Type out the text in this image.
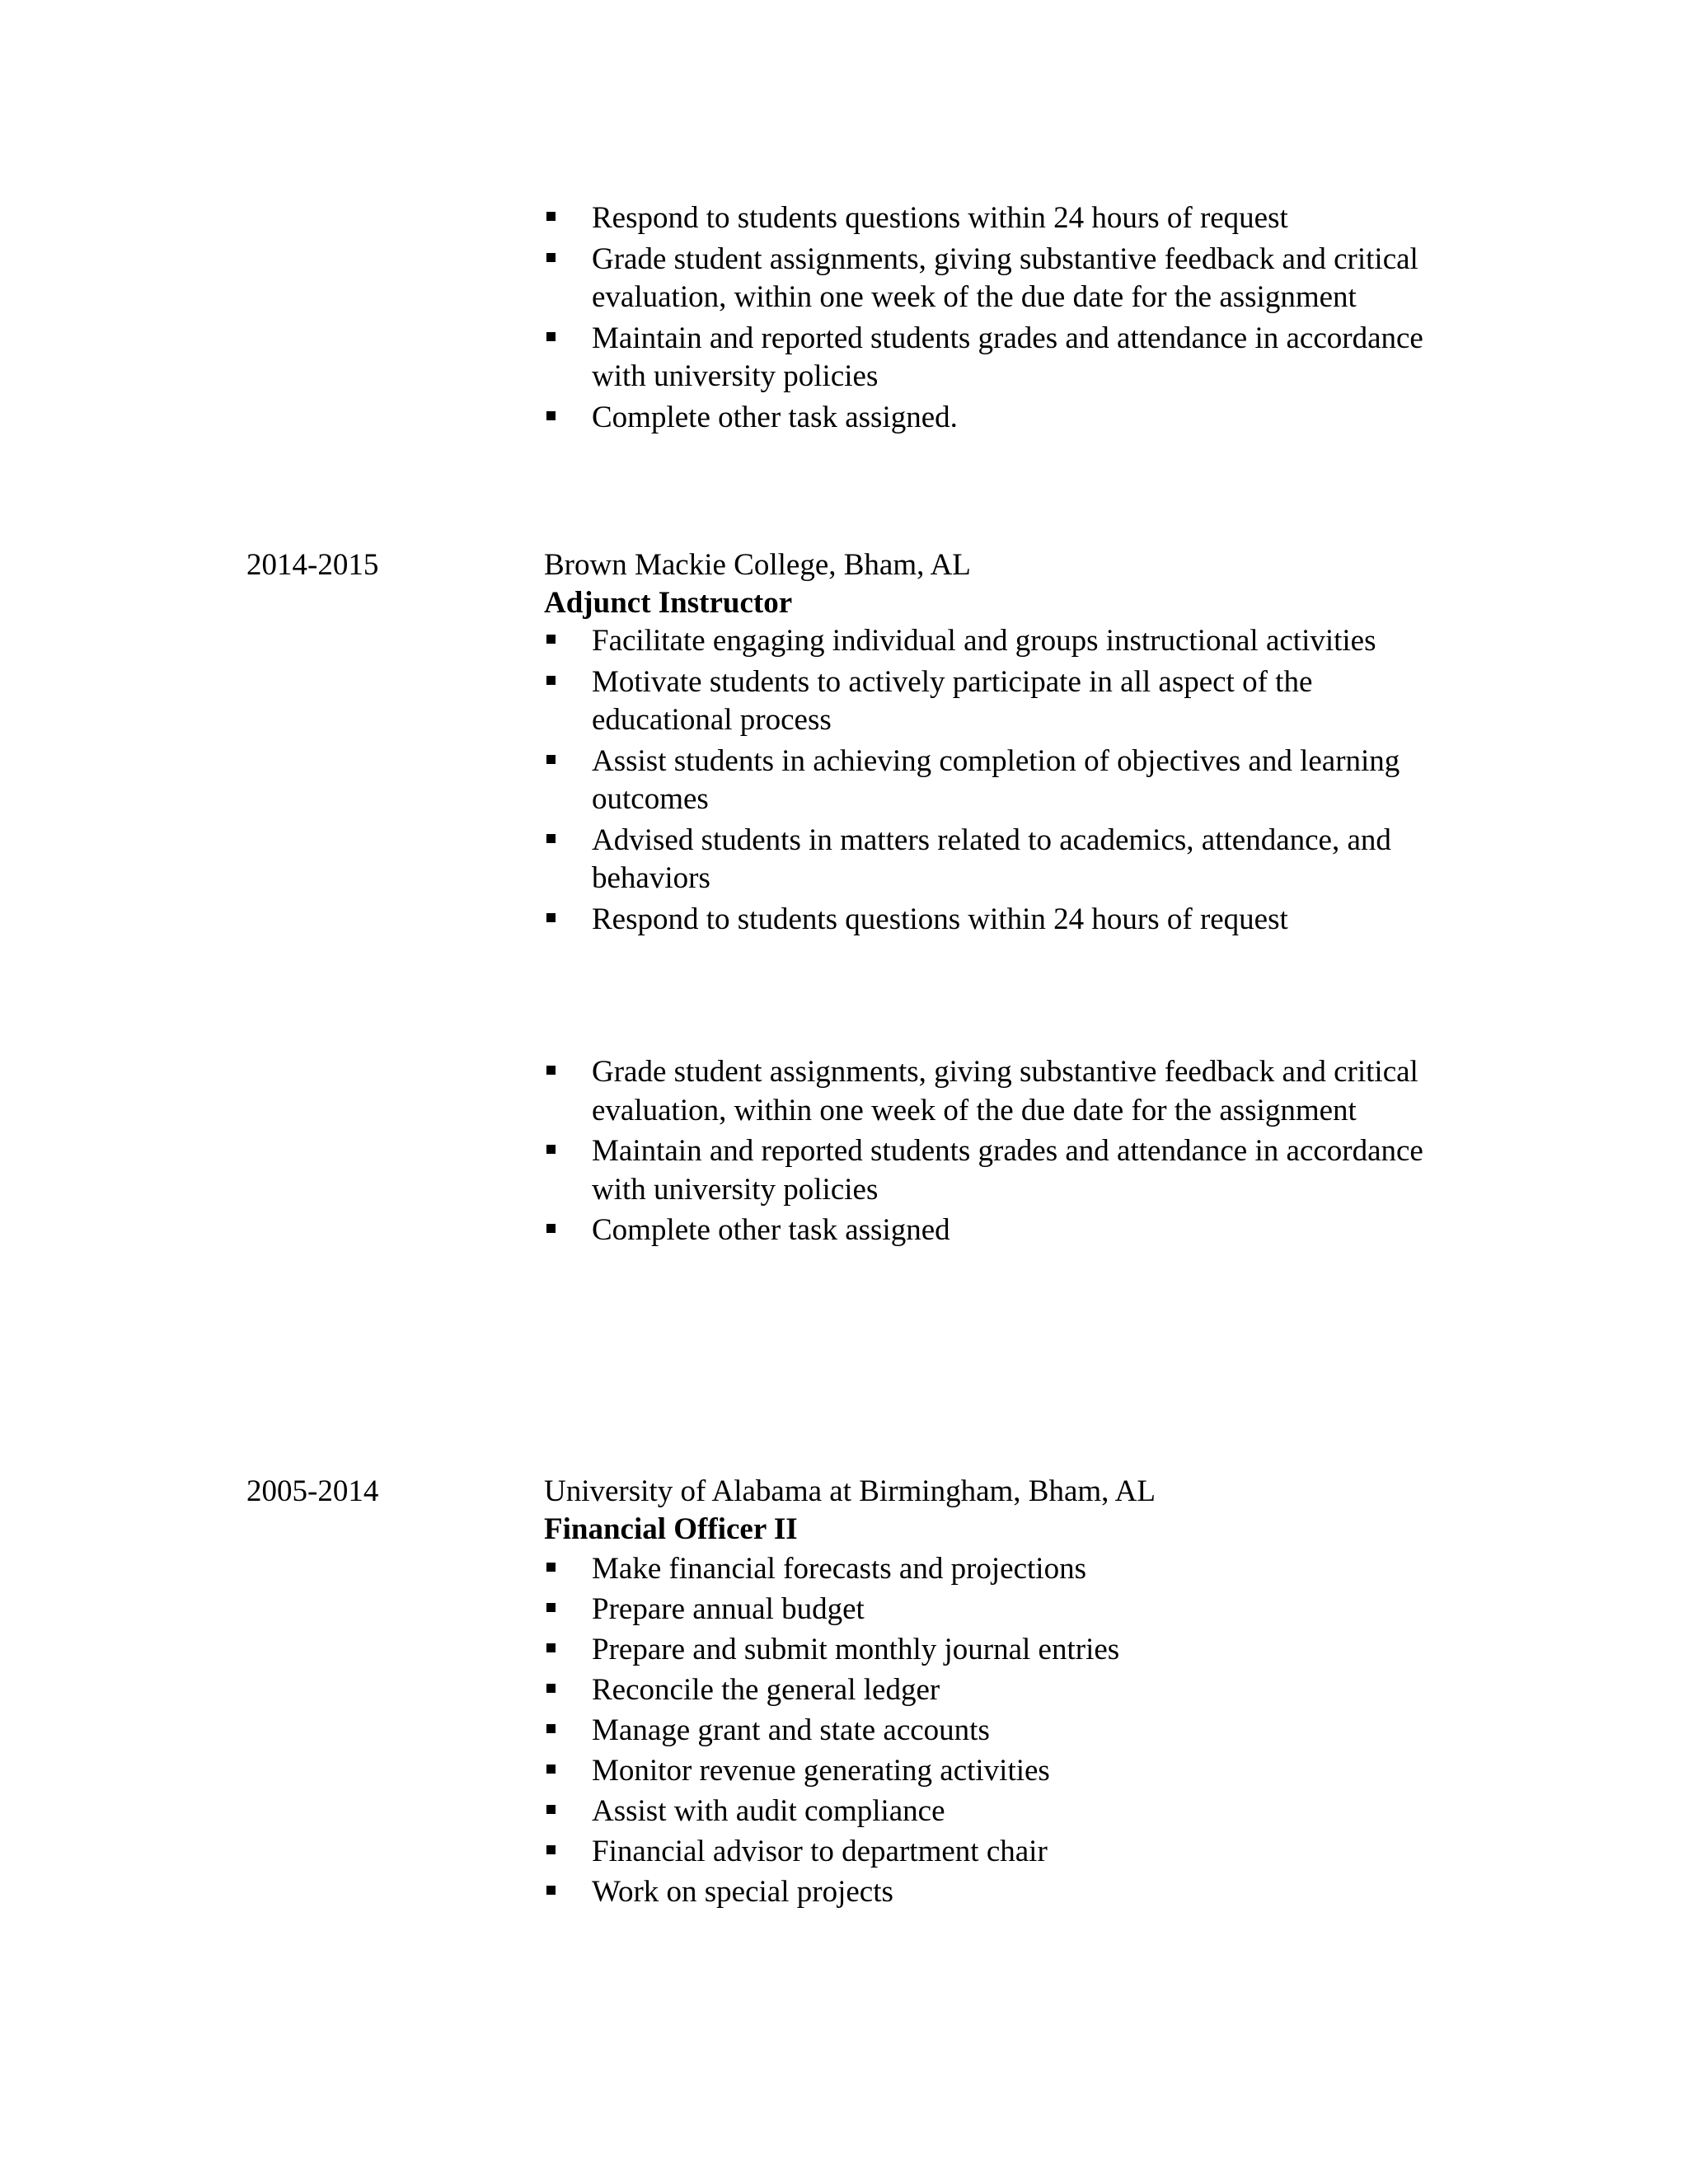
Respond to students questions within 24 hours of request
Grade student assignments, giving substantive feedback and critical evaluation, within one week of the due date for the assignment
Maintain and reported students grades and attendance in accordance with university policies
Complete other task assigned.
2014-2015	Brown Mackie College, Bham, AL
Adjunct Instructor
Facilitate engaging individual and groups instructional activities
Motivate students to actively participate in all aspect of the educational process
Assist students in achieving completion of objectives and learning outcomes
Advised students in matters related to academics, attendance, and behaviors
Respond to students questions within 24 hours of request
Grade student assignments, giving substantive feedback and critical evaluation, within one week of the due date for the assignment
Maintain and reported students grades and attendance in accordance with university policies
Complete other task assigned
2005-2014	University of Alabama at Birmingham, Bham, AL
Financial Officer II
Make financial forecasts and projections
Prepare annual budget
Prepare and submit monthly journal entries
Reconcile the general ledger
Manage grant and state accounts
Monitor revenue generating activities
Assist with audit compliance
Financial advisor to department chair
Work on special projects
